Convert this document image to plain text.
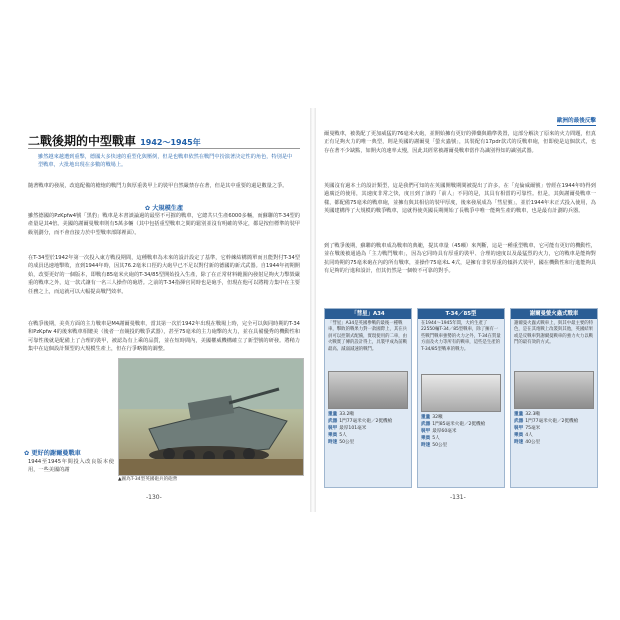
二戰後期的中型戰車 1942～1945年
雖然越來越遭到重擊，德國大多快速的重型化與壓倒，但是也戰車依然在戰鬥中扮演著決定性的角色，特別是中型戰車，大批地出現在多數的戰場上。
隨著戰車的發展，改進配備的槍炮的戰鬥力與厚重裝甲上的裝甲自然嚴禁存在著，但是其中重要的還是數量之爭。
✿ 大規模生產
雖然德國的PzKpfw4號「黑豹」戰車是本書談論過的最堅不可摧的戰車，它總共只生產6000多輛，而蘇聯的T-34型的產量是其4倍。美國的謝爾曼戰車則有5萬多輛（其中包括重型戰車之間的鬆別並沒有明確的界定，都是按但標準的裝甲級別劃分，而不會直接力於中型戰車部隊裡面）。
在T-34型於1942年第一次投入東方戰役期間，這種戰車為未來的設計設定了基準，它幹練結構簡單而且能對付T-34型的成員迅速地擊敗，直到1944年時，因其76.2毫米口徑的大砲早已不足以對付新的德國的新式武器。自1944年初期開始，改要更好的一個版本，即戰有85毫米火砲的T-34/85型開始投入生產，除了在正常材料範圍內發射足夠火力擊毀嚴重的戰車之外，這一款式讓有一名三人操作的砲塔。之前的T-34指揮官同時也是砲手，但現在他可以將精力集中在主要任務之上，而這就可以大幅提高戰鬥效率。
在戰爭後期，美英方面的主力戰車是M4謝爾曼戰車，當其第一次於1942年出現在戰場上時，完全可以與同時期的T-34和PzKpfw 4的後來戰車相媲美（後者一直競投的戰爭武器），甚至75毫米的主力砲擊的火力，並在具備優秀的機動性和可靠性後就是配備上了合理的裝甲，被認為有上乘的品質，並在短時間內，美國權威機構確立了新型號的研發。將稍力集中在這個設計類型的大規模生產上，但在行爭略微的調整。
▲圖為T-34型英國砲兵的砲營
✿ 更好的謝爾曼戰車
1944至1945年間投入改良版本使用，一些美國的謝
-130-
歐洲的最後反擊
爾曼戰車，被裝配了更加威猛的76毫米火砲，並開始擁有更好的彈藥與瞄準裝置，這部分解決了原來的火力問題，但真正有足夠火力的唯一典型，則是英國的謝爾曼「螢火蟲號」，其裝配有17pdr款式的反戰車砲，但即使是這個款式，也存在著不少缺點，如開火的速率太慢，因此其經常被謝爾曼戰車當作為識別得知的識別武器。
英國沒有過本土的設計類型，這是我們可知的在英國開戰期間被提出了許多，在「克倫威爾號」曾經在1944年時得到過廣泛的使用，其速度非常之快，度且到了該的「前人」不同的是，其具有相當的可靠性。但是，其與謝爾曼戰車一樣，都配備75毫米的戰車砲，並擁有與其相信的裝甲厚度，後來發展成為「彗星號」，並於1944年末正式投入使用，為英國建構得了大規模的戰爭戰車，這就得使英國長期開始了長戰爭中唯一能夠生產的戰車，也是最有計劃的兵器。
到了戰爭後期，蘇聯的戰車成為戰車的典範，提其車量（45噸）來判斷，這是一種重型戰車，它可能有更好的機動性，並在戰後被通過為「主力戰鬥戰車」，因為它同時具有厚重的裝甲、合理的速度以及最猛烈的火力，它的戰車是能夠對抗同時期的75毫米砲在內的所有戰車，並操作75毫米L 4式，是擁有非常厚重的傾斜式裝甲，國在機動性和行進能夠具有足夠的行進和設計，但其仍然是一個較不可靠的對手。
「彗星」A34
「彗星」A34是英國參戰的最後一種戰車，擊敗的戰果力對一款國際上，其在兵員可以控制式配備，實現使用的二車，由火戰實了傳的設計得上，具裝甲成為前戰最高、減弱減速的戰鬥。
重量 33.2噸
武器 1門77毫米火砲／2挺機槍
裝甲 最厚101毫米
乘員 5人
時速 50公里
T-34／85型
在1944～1945年間，大約生產了22550輛T-34／85型戰車，除了擁有一些戰鬥戰車強勢的火力之外，T-34在質量方面及火力等所有的戰車，這些是生產的T-34/85型戰車的戰力。
重量 32噸
武器 1門85毫米火砲／2挺機槍
裝甲 最厚60毫米
乘員 5人
時速 50公里
謝爾曼螢火蟲式戰車
謝爾曼火蟲式戰車上，與其中最主要的特色，是在其炮戰上改裝與其他，英國結果或是反戰車對謝爾曼戰車的強力火力以戰鬥的最有效的方式。
重量 32.3噸
武器 1門77毫米火砲／2挺機槍
裝甲 75毫米
乘員 4人
時速 40公里
-131-
